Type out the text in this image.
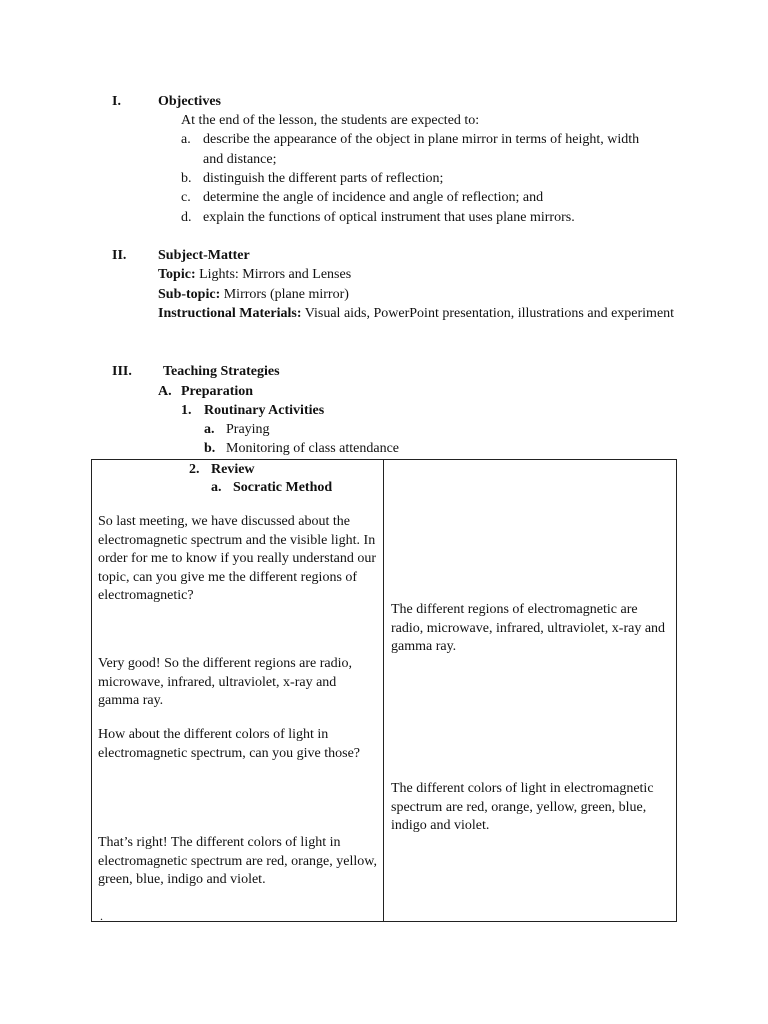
I.	Objectives
At the end of the lesson, the students are expected to:
a. describe the appearance of the object in plane mirror in terms of height, width
and distance;
b. distinguish the different parts of reflection;
c. determine the angle of incidence and angle of reflection; and
d. explain the functions of optical instrument that uses plane mirrors.
II. Subject-Matter
Topic: Lights: Mirrors and Lenses
Sub-topic: Mirrors (plane mirror)
Instructional Materials: Visual aids, PowerPoint presentation, illustrations and experiment
III. Teaching Strategies
A. Preparation
1. Routinary Activities
a. Praying
b. Monitoring of class attendance
2. Review
a. Socratic Method
So last meeting, we have discussed about the electromagnetic spectrum and the visible light. In order for me to know if you really understand our topic, can you give me the different regions of electromagnetic?
Very good! So the different regions are radio, microwave, infrared, ultraviolet, x-ray and gamma ray.
How about the different colors of light in electromagnetic spectrum, can you give those?
That’s right! The different colors of light in electromagnetic spectrum are red, orange, yellow, green, blue, indigo and violet.
.
The different regions of electromagnetic are radio, microwave, infrared, ultraviolet, x-ray and gamma ray.
The different colors of light in electromagnetic spectrum are red, orange, yellow, green, blue, indigo and violet.
